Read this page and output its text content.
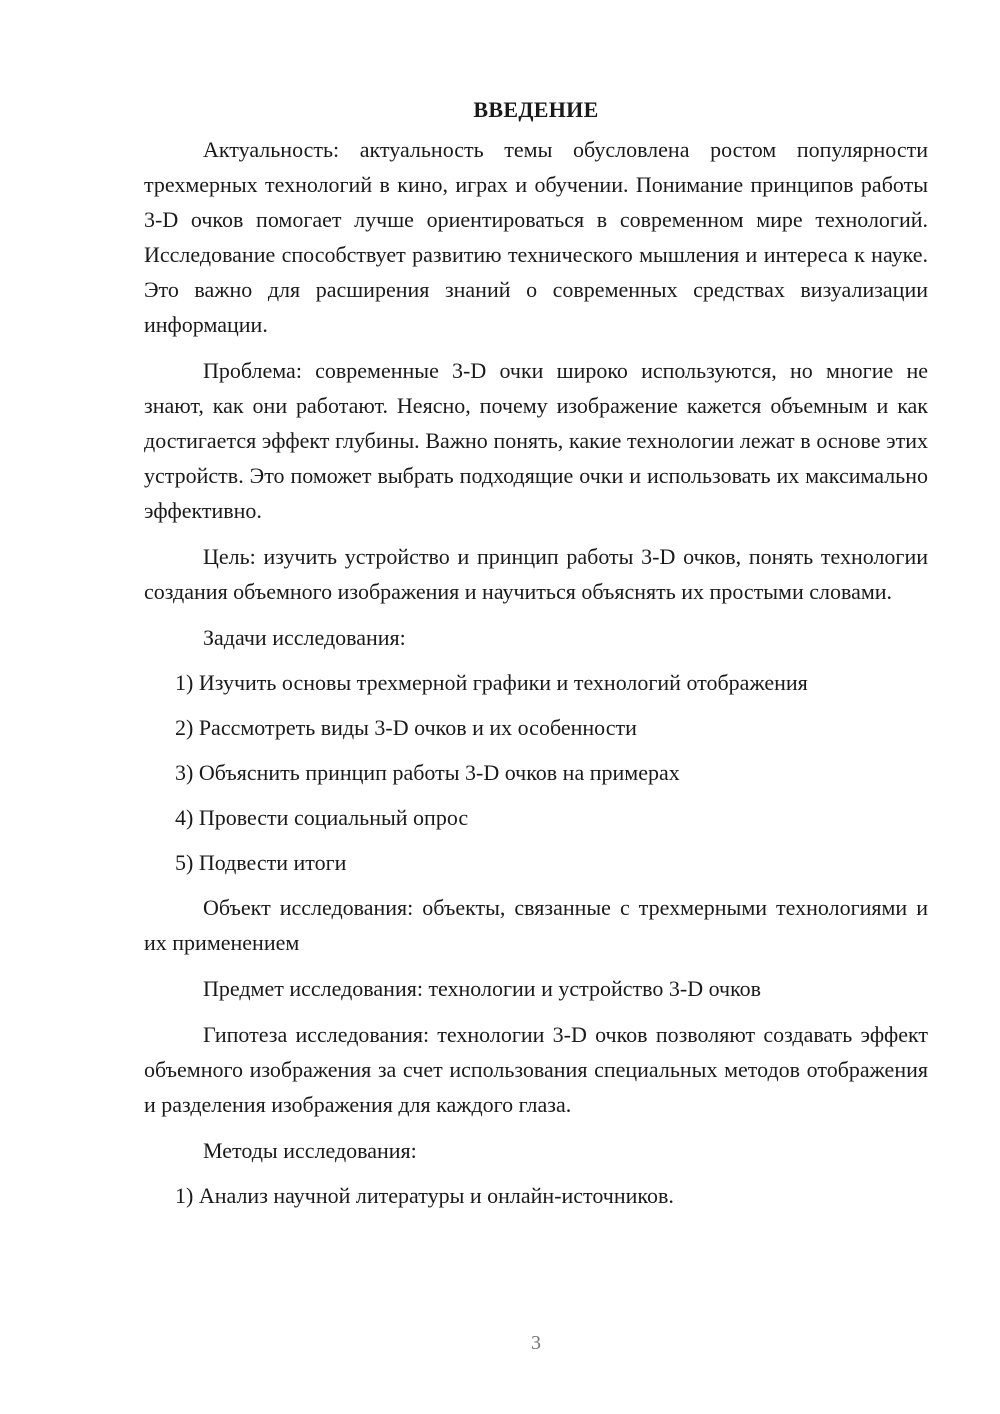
ВВЕДЕНИЕ

Актуальность: актуальность темы обусловлена ростом популярности трехмерных технологий в кино, играх и обучении. Понимание принципов работы 3-D очков помогает лучше ориентироваться в современном мире технологий. Исследование способствует развитию технического мышления и интереса к науке. Это важно для расширения знаний о современных средствах визуализации информации.

Проблема: современные 3-D очки широко используются, но многие не знают, как они работают. Неясно, почему изображение кажется объемным и как достигается эффект глубины. Важно понять, какие технологии лежат в основе этих устройств. Это поможет выбрать подходящие очки и использовать их максимально эффективно.

Цель: изучить устройство и принцип работы 3-D очков, понять технологии создания объемного изображения и научиться объяснять их простыми словами.

Задачи исследования:
1) Изучить основы трехмерной графики и технологий отображения
2) Рассмотреть виды 3-D очков и их особенности
3) Объяснить принцип работы 3-D очков на примерах
4) Провести социальный опрос
5) Подвести итоги

Объект исследования: объекты, связанные с трехмерными технологиями и их применением

Предмет исследования: технологии и устройство 3-D очков

Гипотеза исследования: технологии 3-D очков позволяют создавать эффект объемного изображения за счет использования специальных методов отображения и разделения изображения для каждого глаза.

Методы исследования:
1) Анализ научной литературы и онлайн-источников.
3
